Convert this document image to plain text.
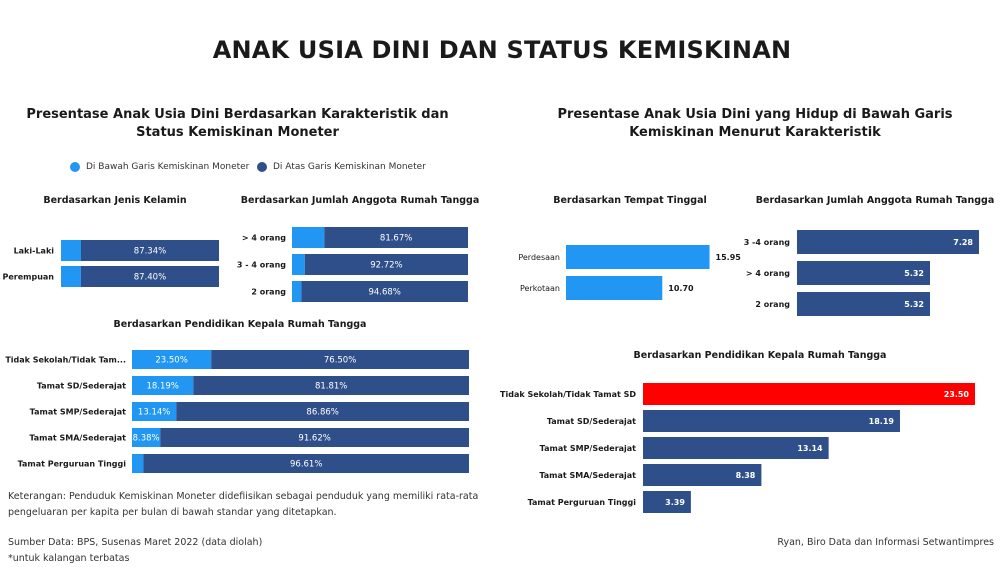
ANAK USIA DINI DAN STATUS KEMISKINAN
Presentase Anak Usia Dini Berdasarkan Karakteristik dan Status Kemiskinan Moneter
Presentase Anak Usia Dini yang Hidup di Bawah Garis Kemiskinan Menurut Karakteristik
Di Bawah Garis Kemiskinan Moneter	Di Atas Garis Kemiskinan Moneter
Berdasarkan Jenis Kelamin	Berdasarkan Jumlah Anggota Rumah Tangga
Berdasarkan Pendidikan Kepala Rumah Tangga
Berdasarkan Tempat Tinggal	Berdasarkan Jumlah Anggota Rumah Tangga
Berdasarkan Pendidikan Kepala Rumah Tangga
Laki-Laki	87.34%
Perempuan	87.40%
> 4 orang	81.67%
3 - 4 orang	92.72%
2 orang	94.68%
Tidak Sekolah/Tidak Tam...	23.50%	76.50%
Tamat SD/Sederajat 18.19%	81.81%
Tamat SMP/Sederajat 13.14%	86.86%
Tamat SMA/Sederajat 8.38%	91.62%
Tamat Perguruan Tinggi	96.61%
Perdesaan	15.95
Perkotaan	10.70
3 -4 orang	7.28
> 4 orang	5.32
2 orang	5.32
Tidak Sekolah/Tidak Tamat SD	23.50
Tamat SD/Sederajat	18.19
Tamat SMP/Sederajat	13.14
Tamat SMA/Sederajat	8.38
Tamat Perguruan Tinggi	3.39
Keterangan: Penduduk Kemiskinan Moneter didefiisikan sebagai penduduk yang memiliki rata-rata
pengeluaran per kapita per bulan di bawah standar yang ditetapkan.
Sumber Data: BPS, Susenas Maret 2022 (data diolah)
*untuk kalangan terbatas
Ryan, Biro Data dan Informasi Setwantimpres
